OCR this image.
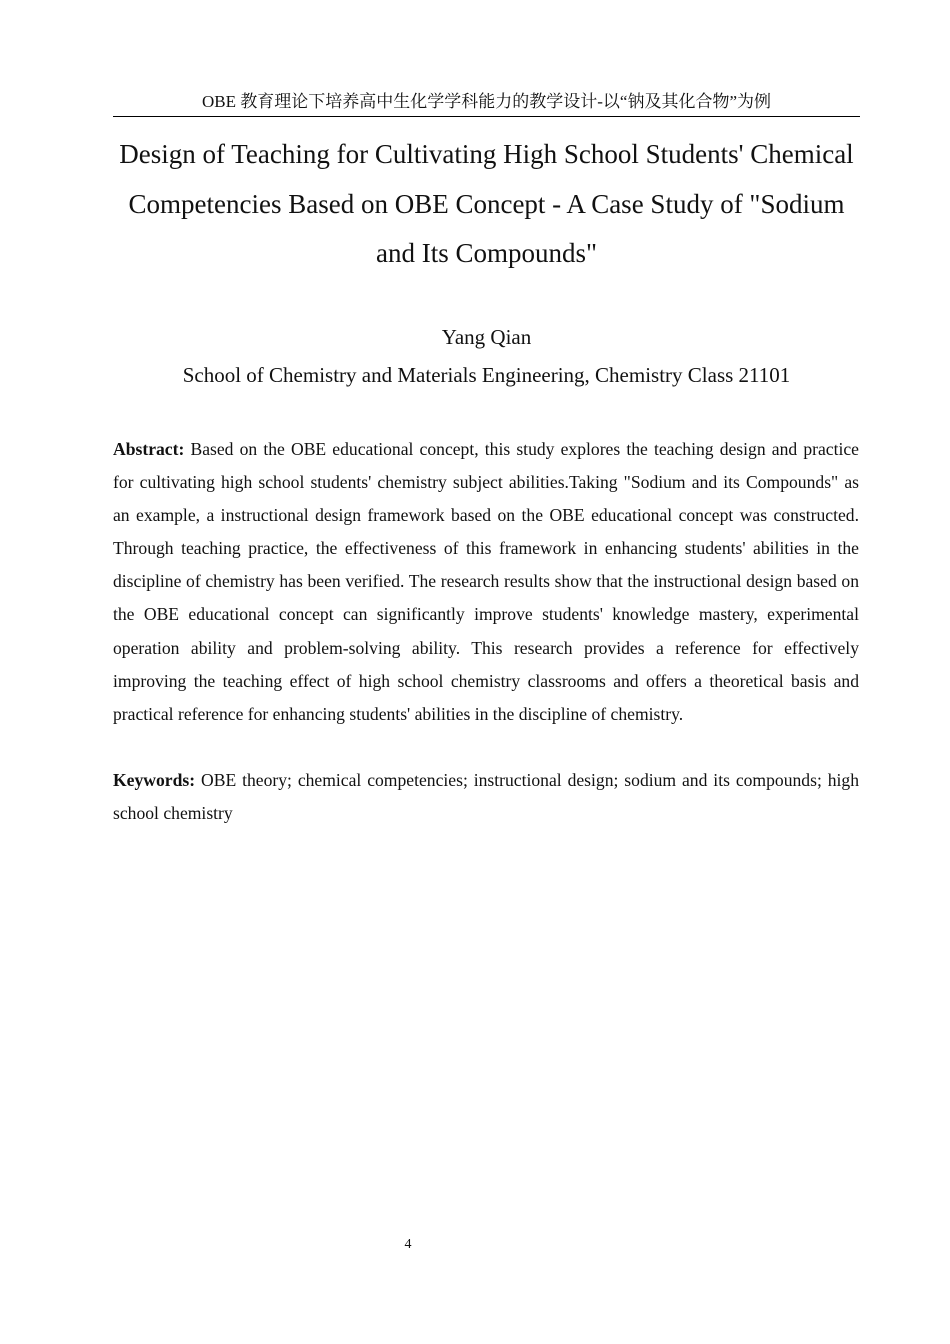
OBE 教育理论下培养高中生化学学科能力的教学设计-以“钠及其化合物”为例
Design of Teaching for Cultivating High School Students' Chemical Competencies Based on OBE Concept - A Case Study of "Sodium and Its Compounds"
Yang Qian
School of Chemistry and Materials Engineering, Chemistry Class 21101

Abstract: Based on the OBE educational concept, this study explores the teaching design and practice for cultivating high school students' chemistry subject abilities.Taking "Sodium and its Compounds" as an example, a instructional design framework based on the OBE educational concept was constructed. Through teaching practice, the effectiveness of this framework in enhancing students' abilities in the discipline of chemistry has been verified. The research results show that the instructional design based on the OBE educational concept can significantly improve students' knowledge mastery, experimental operation ability and problem-solving ability. This research provides a reference for effectively improving the teaching effect of high school chemistry classrooms and offers a theoretical basis and practical reference for enhancing students' abilities in the discipline of chemistry.

Keywords: OBE theory; chemical competencies; instructional design; sodium and its compounds; high school chemistry

4
